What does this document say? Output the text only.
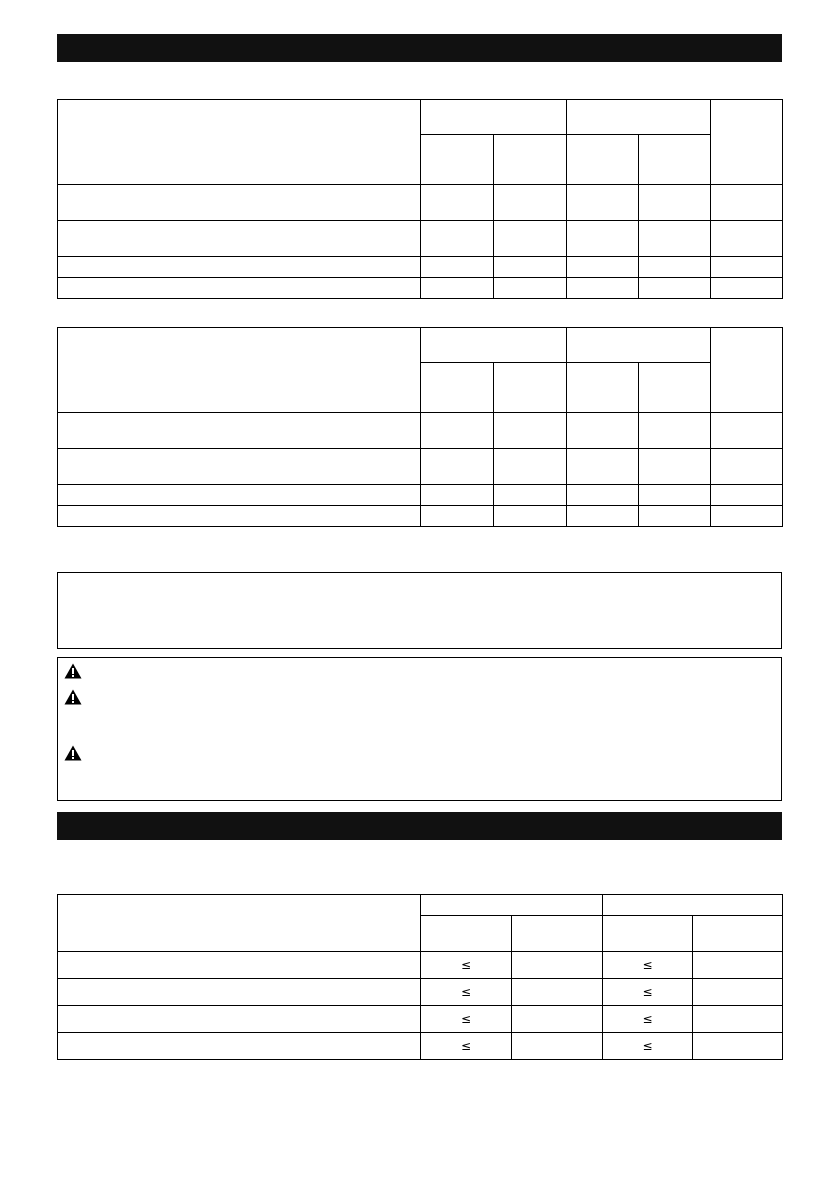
	≤		≤	
	≤		≤	
	≤		≤	
	≤		≤	
